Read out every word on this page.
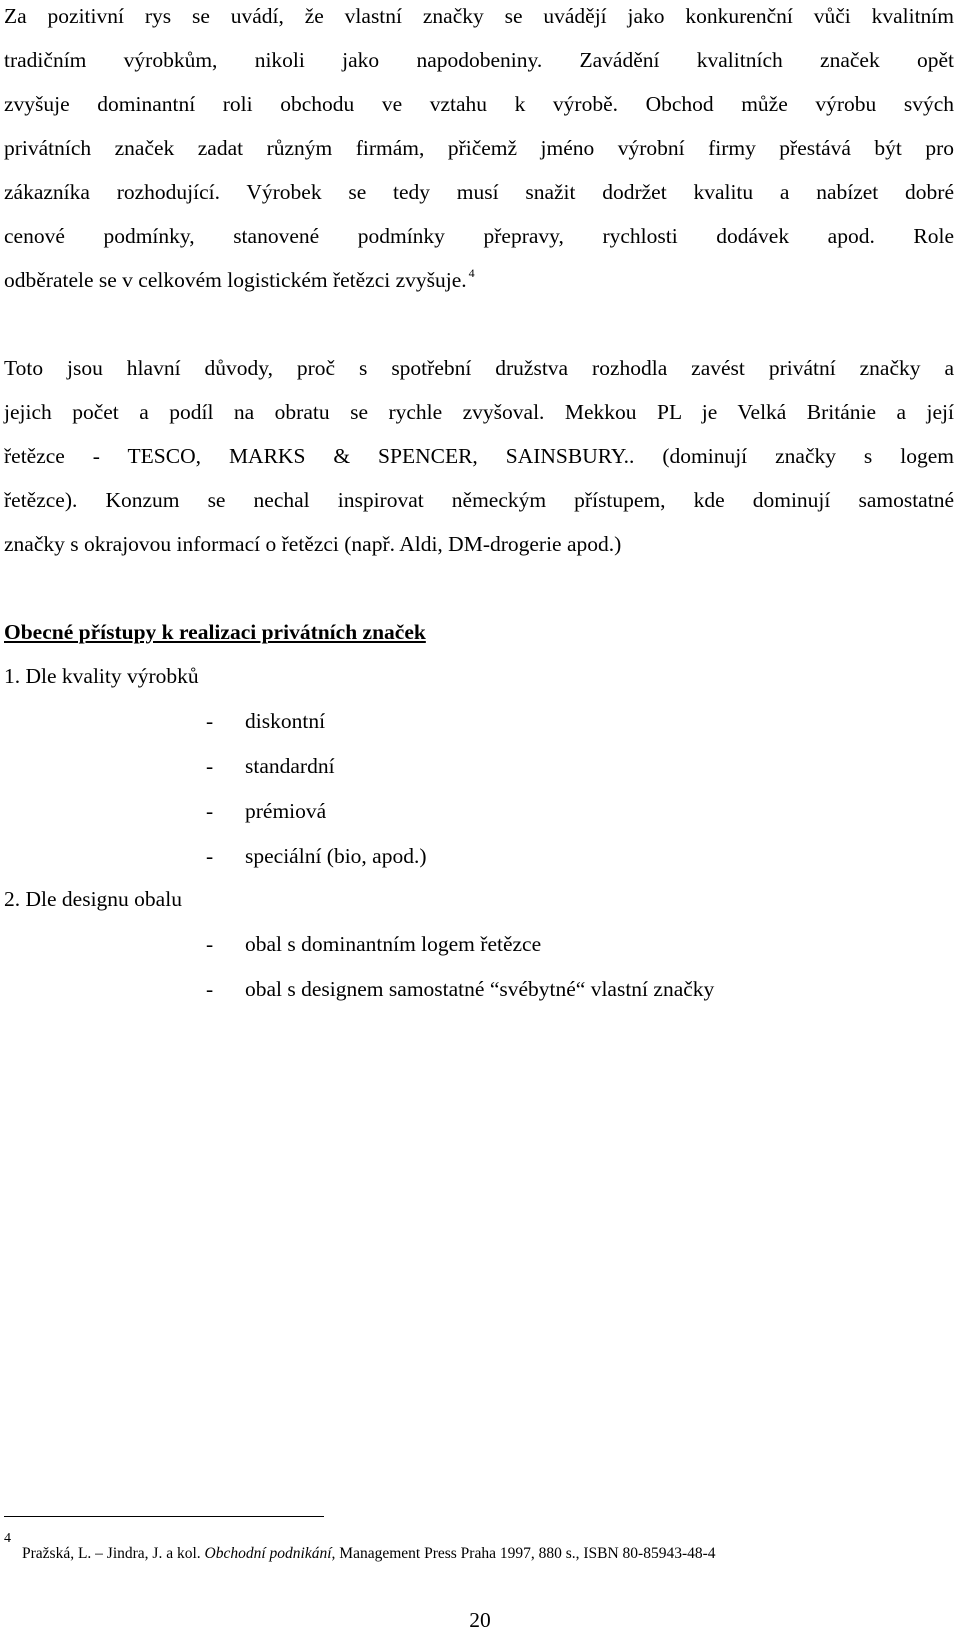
Za pozitivní rys se uvádí, že vlastní značky se uvádějí jako konkurenční vůči kvalitním
tradičním výrobkům, nikoli jako napodobeniny. Zavádění kvalitních značek opět
zvyšuje dominantní roli obchodu ve vztahu k výrobě. Obchod může výrobu svých
privátních značek zadat různým firmám, přičemž jméno výrobní firmy přestává být pro
zákazníka rozhodující. Výrobek se tedy musí snažit dodržet kvalitu a nabízet dobré
cenové podmínky, stanovené podmínky přepravy, rychlosti dodávek apod. Role
odběratele se v celkovém logistickém řetězci zvyšuje. $^4$
Toto jsou hlavní důvody, proč s spotřební družstva rozhodla zavést privátní značky a
jejich počet a podíl na obratu se rychle zvyšoval. Mekkou PL je Velká Británie a její
řetězce - TESCO, MARKS & SPENCER, SAINSBURY.. (dominují značky s logem
řetězce). Konzum se nechal inspirovat německým přístupem, kde dominují samostatné
značky s okrajovou informací o řetězci (např. Aldi, DM-drogerie apod.)
Obecné přístupy k realizaci privátních značek
1. Dle kvality výrobků
- diskontní
- standardní
- prémiová
- speciální (bio, apod.)
2. Dle designu obalu
- obal s dominantním logem řetězce
- obal s designem samostatné “svébytné“ vlastní značky
4
Pražská, L. – Jindra, J. a kol. Obchodní podnikání, Management Press Praha 1997, 880 s., ISBN 80-85943-48-4
20
